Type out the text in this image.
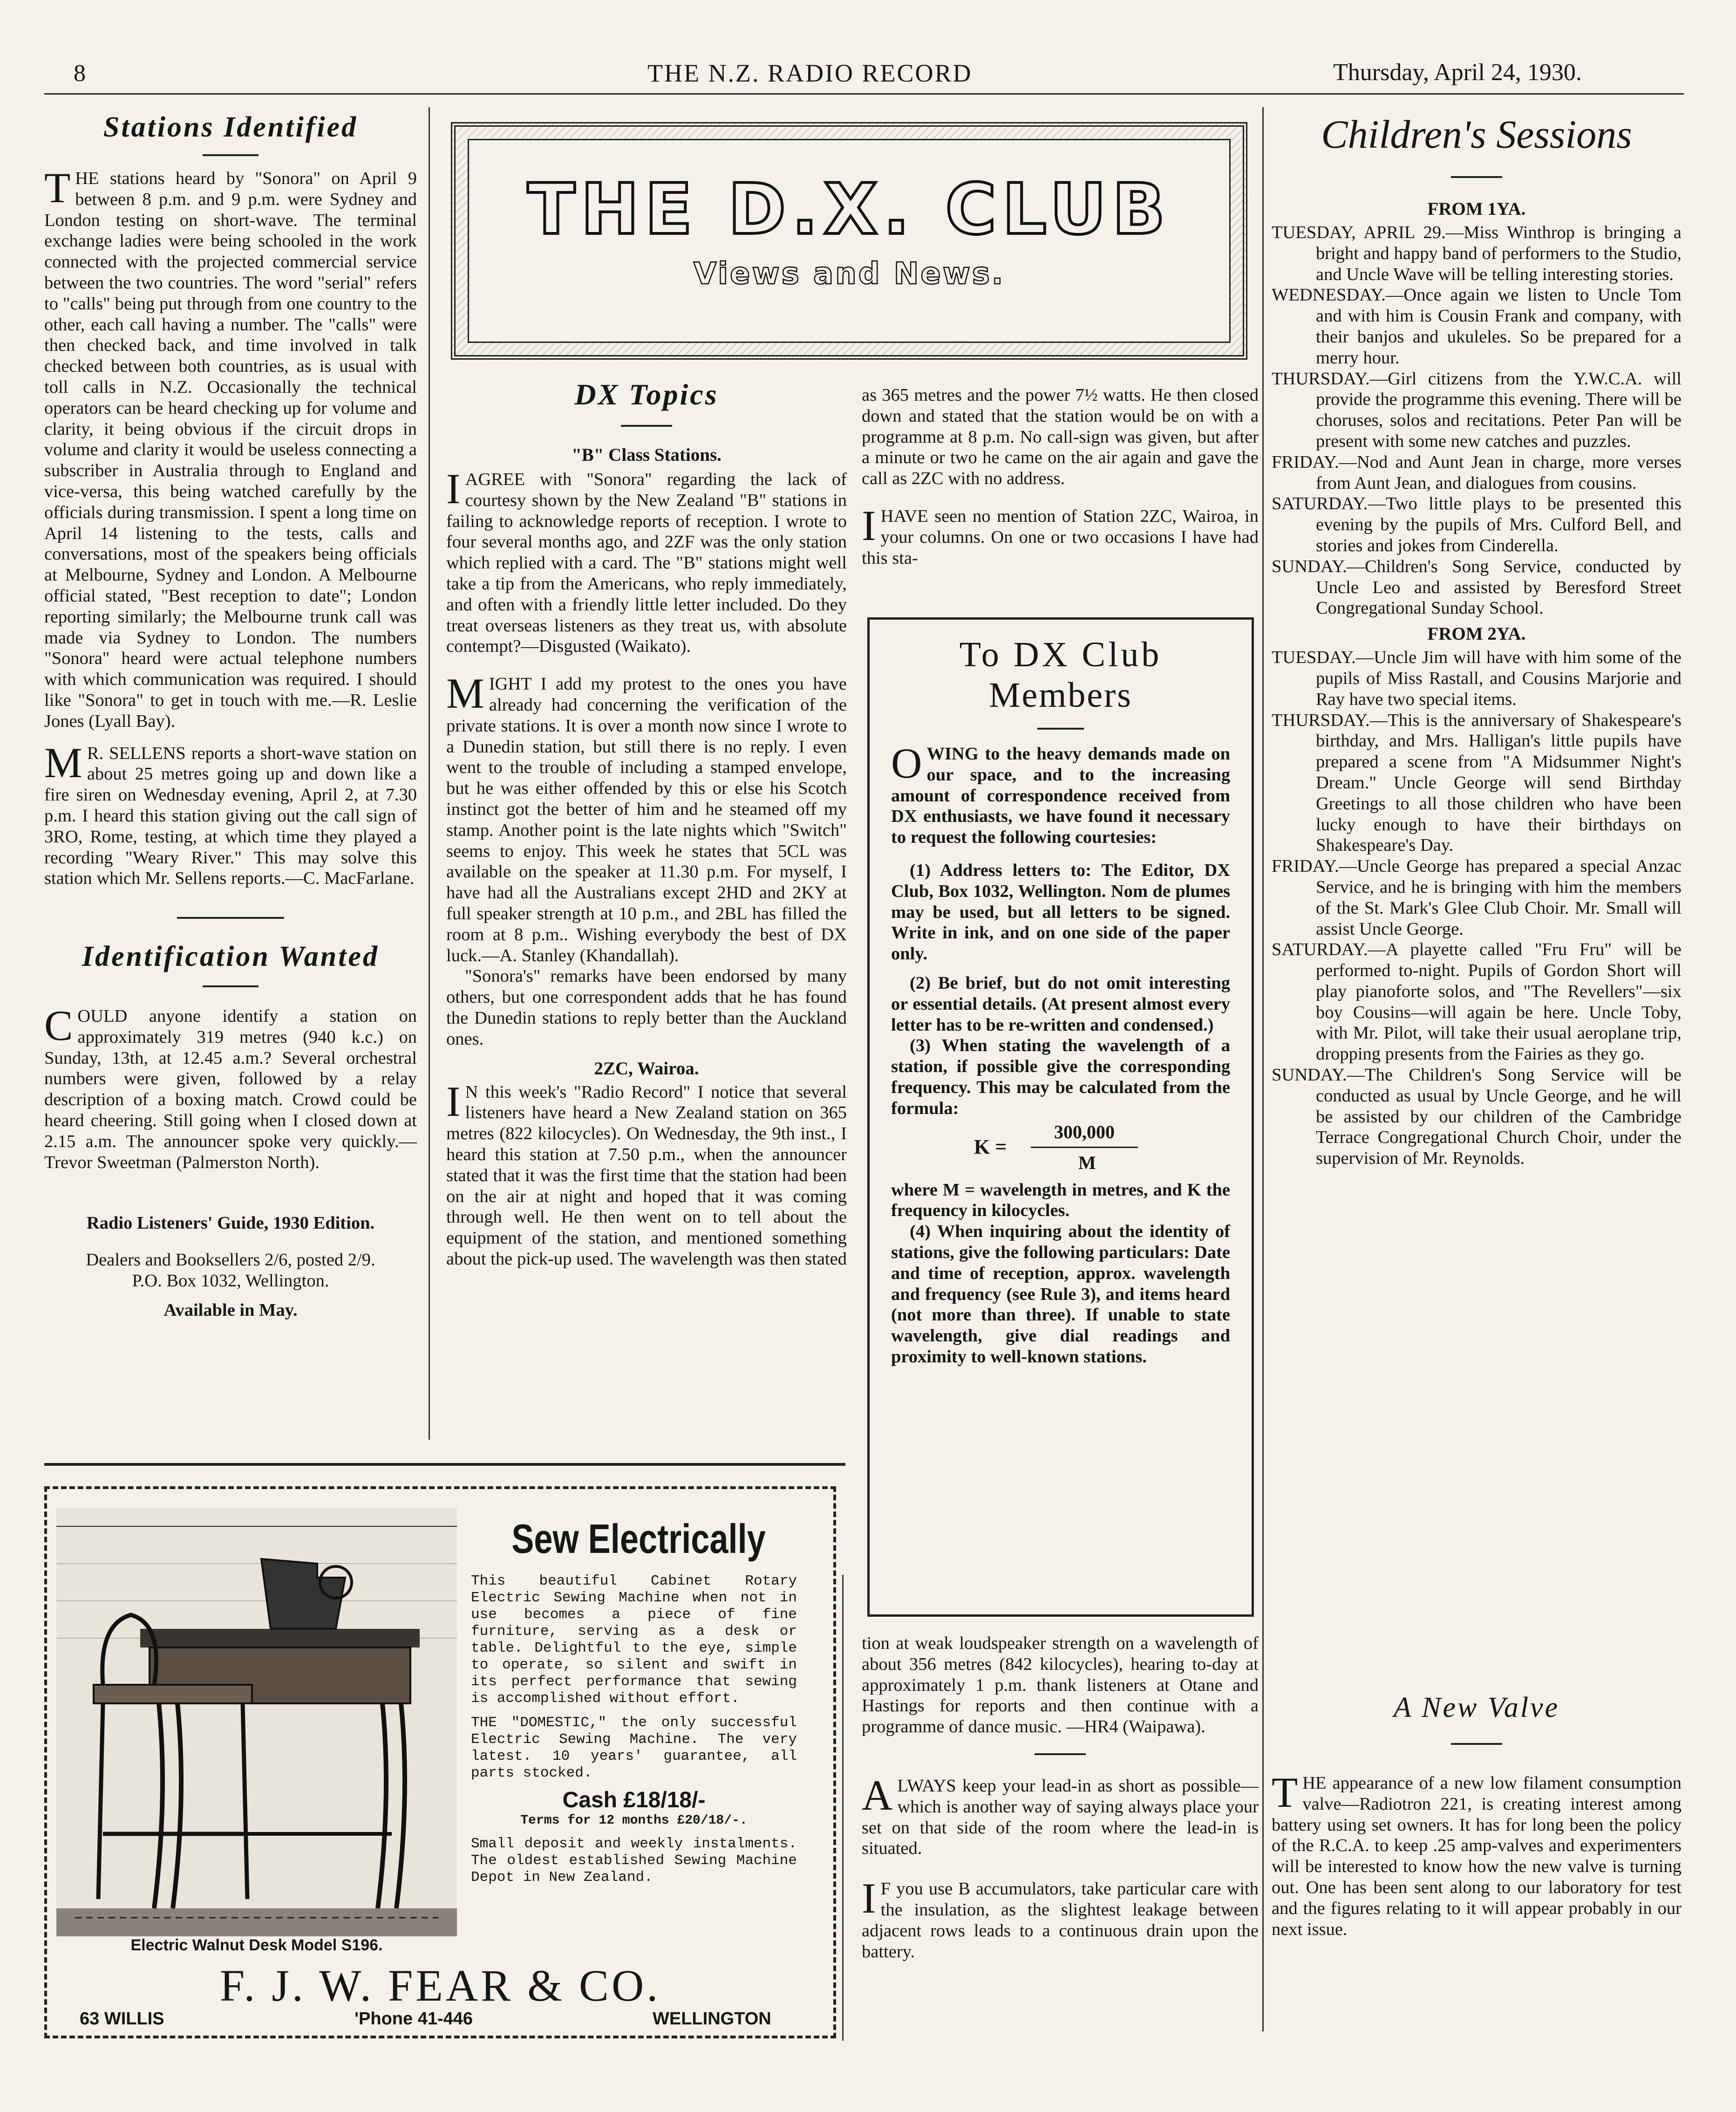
8	THE N.Z. RADIO RECORD	Thursday, April 24, 1930.
Stations Identified

THE stations heard by "Sonora" on April 9 between 8 p.m. and 9 p.m. were Sydney and London testing on short-wave. The terminal exchange ladies were being schooled in the work connected with the projected commercial service between the two countries. The word "serial" refers to "calls" being put through from one country to the other, each call having a number. The "calls" were then checked back, and time involved in talk checked between both countries, as is usual with toll calls in N.Z. Occasionally the technical operators can be heard checking up for volume and clarity, it being obvious if the circuit drops in volume and clarity it would be useless connecting a subscriber in Australia through to England and vice-versa, this being watched carefully by the officials during transmission. I spent a long time on April 14 listening to the tests, calls and conversations, most of the speakers being officials at Melbourne, Sydney and London. A Melbourne official stated, "Best reception to date"; London reporting similarly; the Melbourne trunk call was made via Sydney to London. The numbers "Sonora" heard were actual telephone numbers with which communication was required. I should like "Sonora" to get in touch with me.—R. Leslie Jones (Lyall Bay).

M R. SELLENS reports a short-wave station on about 25 metres going up and down like a fire siren on Wednesday evening, April 2, at 7.30 p.m. I heard this station giving out the call sign of 3RO, Rome, testing, at which time they played a recording "Weary River." This may solve this station which Mr. Sellens reports.—C. MacFarlane.

Identification Wanted

COULD anyone identify a station on approximately 319 metres (940 k.c.) on Sunday, 13th, at 12.45 a.m.? Several orchestral numbers were given, followed by a relay description of a boxing match. Crowd could be heard cheering. Still going when I closed down at 2.15 a.m. The announcer spoke very quickly.—Trevor Sweetman (Palmerston North).

Radio Listeners' Guide, 1930 Edition.

Dealers and Booksellers 2/6, posted 2/9.

P.O. Box 1032, Wellington.

Available in May.

THE D.X. CLUB
Views and News.
DX Topics

"B" Class Stations.

IAGREE with "Sonora" regarding the lack of courtesy shown by the New Zealand "B" stations in failing to acknowledge reports of reception. I wrote to four several months ago, and 2ZF was the only station which replied with a card. The "B" stations might well take a tip from the Americans, who reply immediately, and often with a friendly little letter included. Do they treat overseas listeners as they treat us, with absolute contempt?—Disgusted (Waikato).

MIGHT I add my protest to the ones you have already had concerning the verification of the private stations. It is over a month now since I wrote to a Dunedin station, but still there is no reply. I even went to the trouble of including a stamped envelope, but he was either offended by this or else his Scotch instinct got the better of him and he steamed off my stamp. Another point is the late nights which "Switch" seems to enjoy. This week he states that 5CL was available on the speaker at 11.30 p.m. For myself, I have had all the Australians except 2HD and 2KY at full speaker strength at 10 p.m., and 2BL has filled the room at 8 p.m.. Wishing everybody the best of DX luck.—A. Stanley (Khandallah).

"Sonora's" remarks have been endorsed by many others, but one correspondent adds that he has found the Dunedin stations to reply better than the Auckland ones.

2ZC, Wairoa.

I N this week's "Radio Record" I notice that several listeners have heard a New Zealand station on 365 metres (822 kilocycles). On Wednesday, the 9th inst., I heard this station at 7.50 p.m., when the announcer stated that it was the first time that the station had been on the air at night and hoped that it was coming through well. He then went on to tell about the equipment of the station, and mentioned something about the pick-up used. The wavelength was then stated

as 365 metres and the power 7½ watts. He then closed down and stated that the station would be on with a programme at 8 p.m. No call-sign was given, but after a minute or two he came on the air again and gave the call as 2ZC with no address.

IHAVE seen no mention of Station 2ZC, Wairoa, in your columns. On one or two occasions I have had this sta-

To DX Club
Members

OWING to the heavy demands made on our space, and to the increasing amount of correspondence received from DX enthusiasts, we have found it necessary to request the following courtesies:

(1) Address letters to: The Editor, DX Club, Box 1032, Wellington. Nom de plumes may be used, but all letters to be signed. Write in ink, and on one side of the paper only.

(2) Be brief, but do not omit interesting or essential details. (At present almost every letter has to be re-written and condensed.)

(3) When stating the wavelength of a station, if possible give the corresponding frequency. This may be calculated from the formula:

K =
300,000
M

where M = wavelength in metres, and K the frequency in kilocycles.

(4) When inquiring about the identity of stations, give the following particulars: Date and time of reception, approx. wavelength and frequency (see Rule 3), and items heard (not more than three). If unable to state wavelength, give dial readings and proximity to well-known stations.

tion at weak loudspeaker strength on a wavelength of about 356 metres (842 kilocycles), hearing to-day at approximately 1 p.m. thank listeners at Otane and Hastings for reports and then continue with a programme of dance music. —HR4 (Waipawa).

ALWAYS keep your lead-in as short as possible—which is another way of saying always place your set on that side of the room where the lead-in is situated.

I F you use B accumulators, take particular care with the insulation, as the slightest leakage between adjacent rows leads to a continuous drain upon the battery.

Children's Sessions

FROM 1YA.

TUESDAY, APRIL 29.—Miss Winthrop is bringing a bright and happy band of performers to the Studio, and Uncle Wave will be telling interesting stories.

WEDNESDAY.—Once again we listen to Uncle Tom and with him is Cousin Frank and company, with their banjos and ukuleles. So be prepared for a merry hour.

THURSDAY.—Girl citizens from the Y.W.C.A. will provide the programme this evening. There will be choruses, solos and recitations. Peter Pan will be present with some new catches and puzzles.

FRIDAY.—Nod and Aunt Jean in charge, more verses from Aunt Jean, and dialogues from cousins.

SATURDAY.—Two little plays to be presented this evening by the pupils of Mrs. Culford Bell, and stories and jokes from Cinderella.

SUNDAY.—Children's Song Service, conducted by Uncle Leo and assisted by Beresford Street Congregational Sunday School.

FROM 2YA.

TUESDAY.—Uncle Jim will have with him some of the pupils of Miss Rastall, and Cousins Marjorie and Ray have two special items.

THURSDAY.—This is the anniversary of Shakespeare's birthday, and Mrs. Halligan's little pupils have prepared a scene from "A Midsummer Night's Dream." Uncle George will send Birthday Greetings to all those children who have been lucky enough to have their birthdays on Shakespeare's Day.

FRIDAY.—Uncle George has prepared a special Anzac Service, and he is bringing with him the members of the St. Mark's Glee Club Choir. Mr. Small will assist Uncle George.

SATURDAY.—A playette called "Fru Fru" will be performed to-night. Pupils of Gordon Short will play pianoforte solos, and "The Revellers"—six boy Cousins—will again be here. Uncle Toby, with Mr. Pilot, will take their usual aeroplane trip, dropping presents from the Fairies as they go.

SUNDAY.—The Children's Song Service will be conducted as usual by Uncle George, and he will be assisted by our children of the Cambridge Terrace Congregational Church Choir, under the supervision of Mr. Reynolds.

A New Valve

THE appearance of a new low filament consumption valve—Radiotron 221, is creating interest among battery using set owners. It has for long been the policy of the R.C.A. to keep .25 amp-valves and experimenters will be interested to know how the new valve is turning out. One has been sent along to our laboratory for test and the figures relating to it will appear probably in our next issue.

Electric Walnut Desk Model S196.
Sew Electrically

This beautiful Cabinet Rotary Electric Sewing Machine when not in use becomes a piece of fine furniture, serving as a desk or table. Delightful to the eye, simple to operate, so silent and swift in its perfect performance that sewing is accomplished without effort.

THE "DOMESTIC," the only successful Electric Sewing Machine. The very latest. 10 years' guarantee, all parts stocked.

Cash £18/18/-

Terms for 12 months £20/18/-.

Small deposit and weekly instalments. The oldest established Sewing Machine Depot in New Zealand.

F. J. W. FEAR & CO.
63 WILLIS	'Phone 41-446	WELLINGTON
